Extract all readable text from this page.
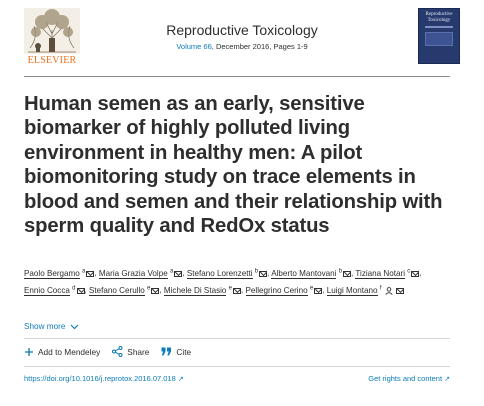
ELSEVIER
Reproductive Toxicology
Volume 66, December 2016, Pages 1-9
Reproductive Toxicology
Human semen as an early, sensitive biomarker of highly polluted living environment in healthy men: A pilot biomonitoring study on trace elements in blood and semen and their relationship with sperm quality and RedOx status
Paolo Bergamo $^a$ , Maria Grazia Volpe $^a$ , Stefano Lorenzetti $^b$ , Alberto Mantovani $^b$ , Tiziana Notari $^c$ , Ennio Cocca $^d$ , Stefano Cerullo $^e$ , Michele Di Stasio $^e$ , Pellegrino Cerino $^e$ , Luigi Montano $^f$
Show more
Add to Mendeley	Share	Cite
https://doi.org/10.1016/j.reprotox.2016.07.018 ↗	Get rights and content ↗
